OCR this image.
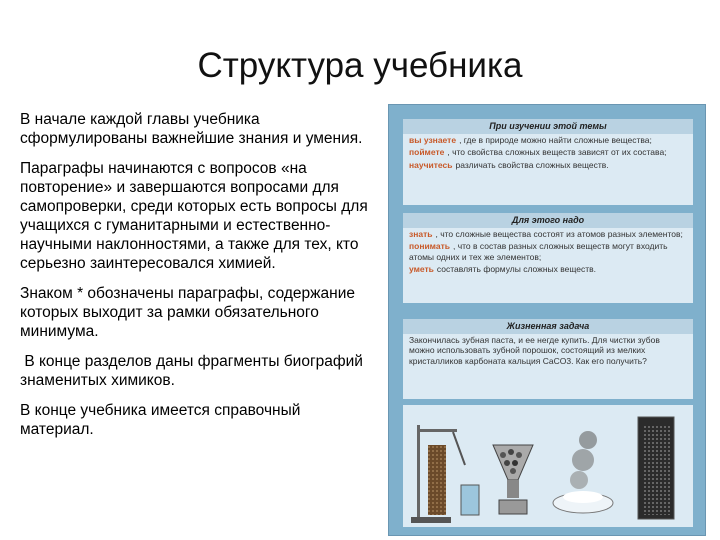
Структура учебника

В начале каждой главы учебника сформулированы важнейшие знания и умения.

Параграфы начинаются с вопросов «на повторение» и завершаются вопросами для самопроверки, среди которых есть вопросы для учащихся с гуманитарными и естественно-научными наклонностями, а также для тех, кто серьезно заинтересовался химией.

Знаком * обозначены параграфы, содержание которых выходит за рамки обязательного минимума.

В конце разделов даны фрагменты биографий знаменитых химиков.

В конце учебника имеется справочный материал.

При изучении этой темы
вы узнаете , где в природе можно найти сложные вещества;
поймете , что свойства сложных веществ зависят от их состава;
научитесь различать свойства сложных веществ.
Для этого надо
знать , что сложные вещества состоят из атомов разных элементов;
понимать , что в состав разных сложных веществ могут входить атомы одних и тех же элементов;
уметь составлять формулы сложных веществ.
Жизненная задача
Закончилась зубная паста, и ее негде купить. Для чистки зубов можно использовать зубной порошок, состоящий из мелких кристалликов карбоната кальция CaCO3. Как его получить?
